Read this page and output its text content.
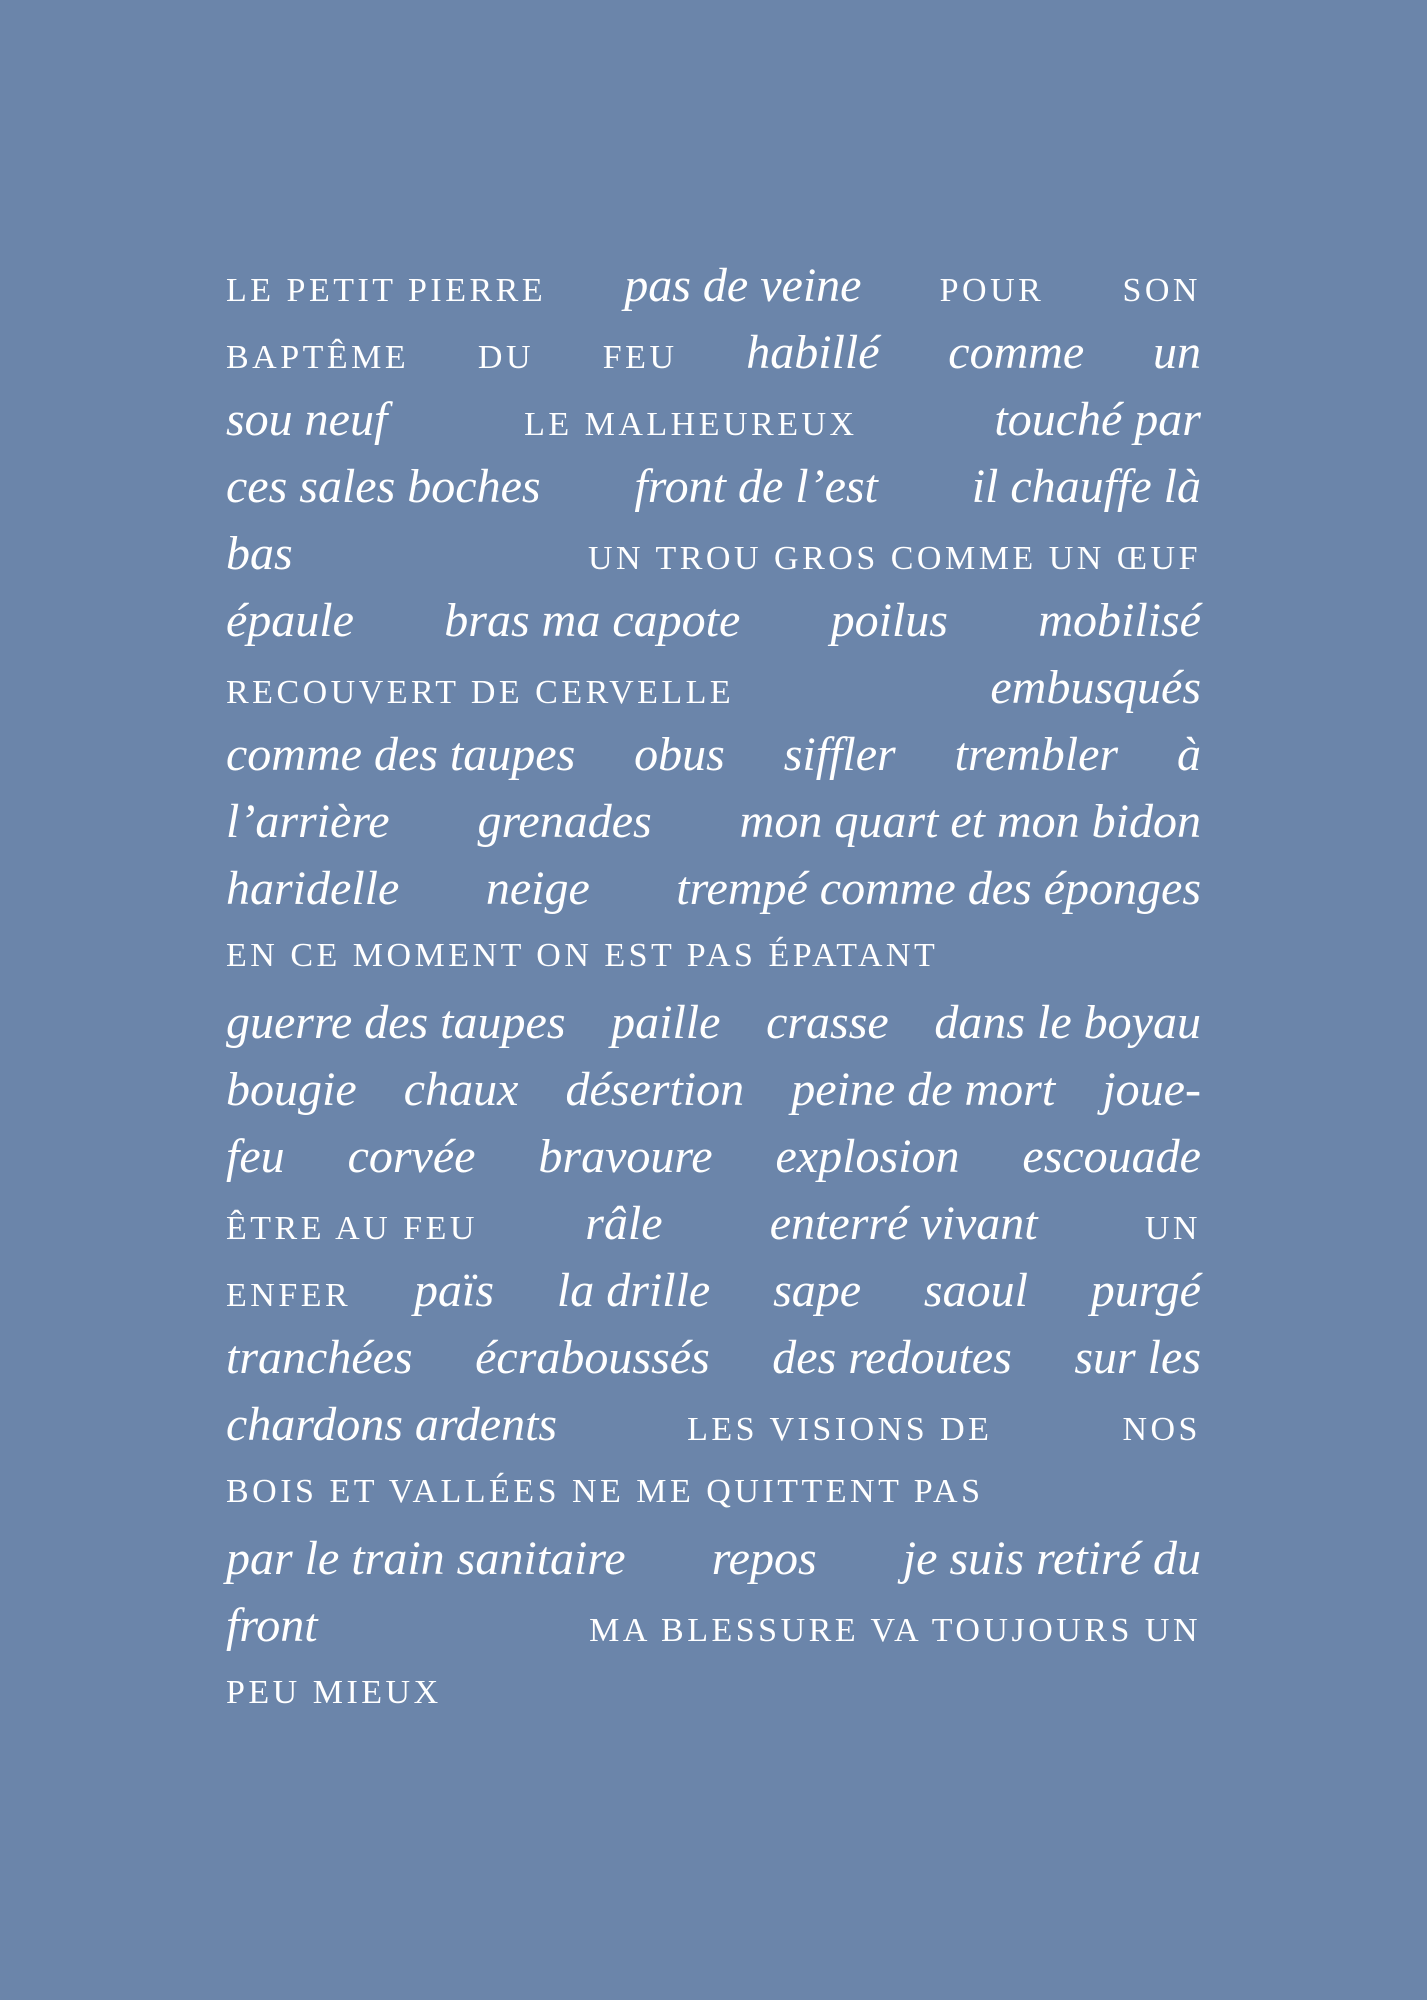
LE PETIT PIERRE pas de veine POUR SON
BAPTÊME DU FEU habillé comme un
sou neuf	LE MALHEUREUX	touché par
ces sales boches front de l’est il chauffe là
bas	UN TROU GROS COMME UN ŒUF
épaule bras ma capote poilus mobilisé
RECOUVERT DE CERVELLE	embusqués
comme des taupes obus siffler trembler à
l’arrière grenades mon quart et mon bidon
haridelle neige trempé comme des éponges
EN CE MOMENT ON EST PAS ÉPATANT
guerre des taupes paille crasse dans le boyau
bougie chaux désertion peine de mort joue-
feu corvée bravoure explosion escouade
ÊTRE AU FEU râle enterré vivant	UN
ENFER païs la drille sape saoul purgé
tranchées écraboussés des redoutes sur les
chardons ardents	LES VISIONS DE	NOS
BOIS ET VALLÉES NE ME QUITTENT PAS
par le train sanitaire repos je suis retiré du
front	MA BLESSURE VA TOUJOURS UN
PEU MIEUX
